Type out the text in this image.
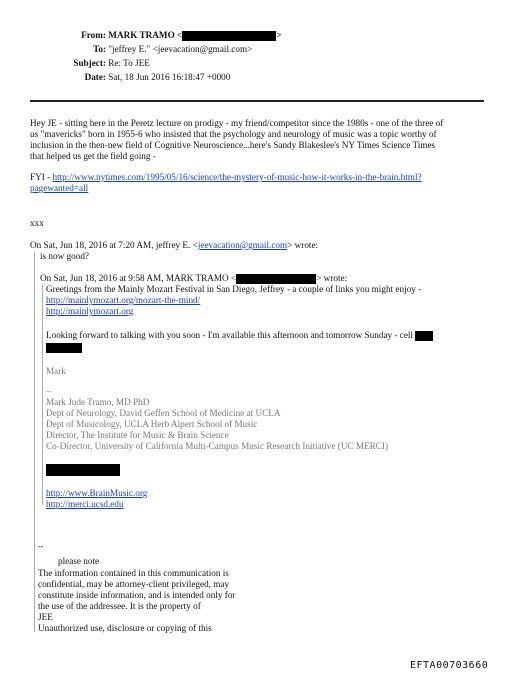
From: MARK TRAMO <	>
To: "jeffrey E." <jeevacation@gmail.com>
Subject: Re: To JEE
Date: Sat, 18 Jun 2016 16:18:47 +0000
Hey JE - sitting here in the Peretz lecture on prodigy - my friend/competitor since the 1980s - one of the three of
us "mavericks" born in 1955-6 who insisted that the psychology and neurology of music was a topic worthy of
inclusion in the then-new field of Cognitive Neuroscience...here's Sandy Blakeslee's NY Times Science Times
that helped us get the field going -
FYI - http://www.nytimes.com/1995/05/16/science/the-mystery-of-music-how-it-works-in-the-brain.html?
pagewanted=all
xxx
On Sat, Jun 18, 2016 at 7:20 AM, jeffrey E. <jeevacation@gmail.com> wrote:
is now good?
On Sat, Jun 18, 2016 at 9:58 AM, MARK TRAMO <	> wrote:
Greetings from the Mainly Mozart Festival in San Diego, Jeffrey - a couple of links you might enjoy -
http://mainlymozart.org/mozart-the-mind/
http://mainlymozart.org
Looking forward to talking with you soon - I'm available this afternoon and tomorrow Sunday - cell
Mark
--
Mark Jude Tramo, MD PhD
Dept of Neurology, David Geffen School of Medicine at UCLA
Dept of Musicology, UCLA Herb Alpert School of Music
Director, The Institute for Music & Brain Science
Co-Director, University of California Multi-Campus Music Research Initiative (UC MERCI)
http://www.BrainMusic.org
http://merci.ucsd.edu
--
please note
The information contained in this communication is
confidential, may be attorney-client privileged, may
constitute inside information, and is intended only for
the use of the addressee. It is the property of
JEE
Unauthorized use, disclosure or copying of this
EFTA00703660
